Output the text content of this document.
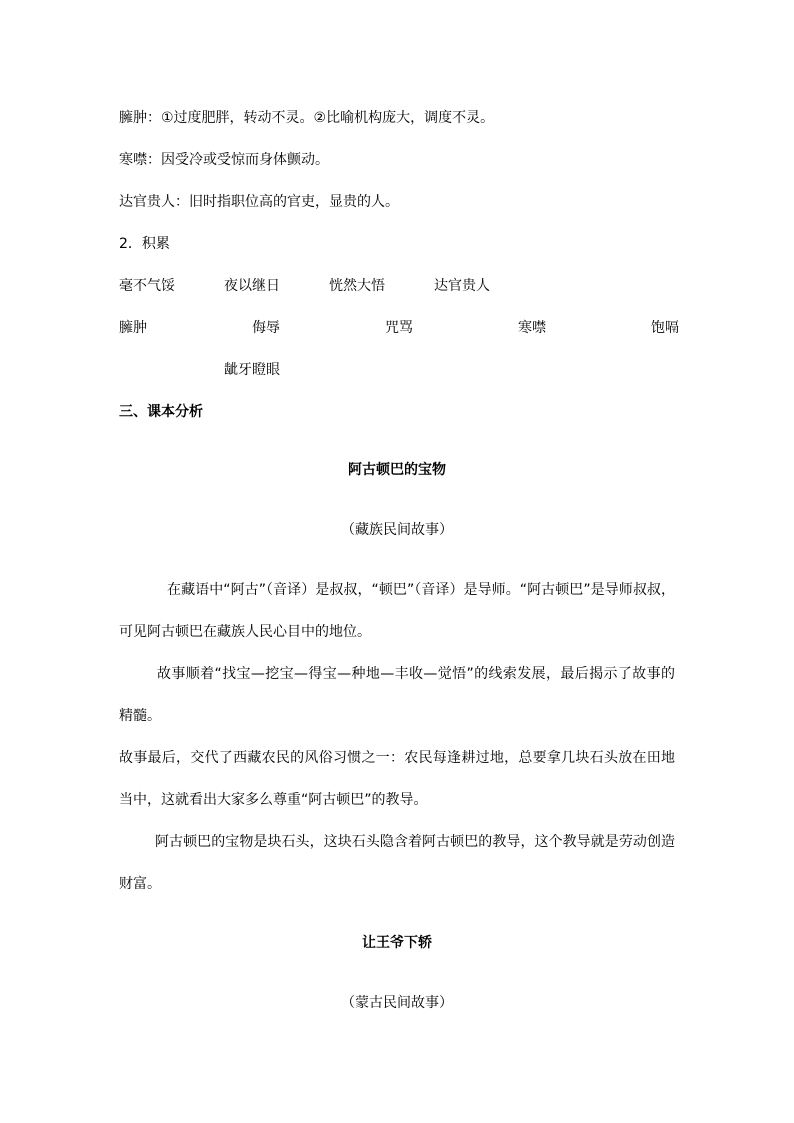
臃肿：①过度肥胖，转动不灵。②比喻机构庞大，调度不灵。
寒噤：因受冷或受惊而身体颤动。
达官贵人：旧时指职位高的官吏，显贵的人。
2．积累
毫不气馁	夜以继日	恍然大悟	达官贵人
臃肿	侮辱	咒骂	寒噤	饱嗝
龇牙瞪眼
三、课本分析
阿古顿巴的宝物
（藏族民间故事）
在藏语中“阿古”（音译）是叔叔，“顿巴”（音译）是导师。“阿古顿巴”是导师叔叔，可见阿古顿巴在藏族人民心目中的地位。
故事顺着“找宝—挖宝—得宝—种地—丰收—觉悟”的线索发展，最后揭示了故事的精髓。
故事最后，交代了西藏农民的风俗习惯之一：农民每逢耕过地，总要拿几块石头放在田地当中，这就看出大家多么尊重“阿古顿巴”的教导。
阿古顿巴的宝物是块石头，这块石头隐含着阿古顿巴的教导，这个教导就是劳动创造财富。
让王爷下轿
（蒙古民间故事）
